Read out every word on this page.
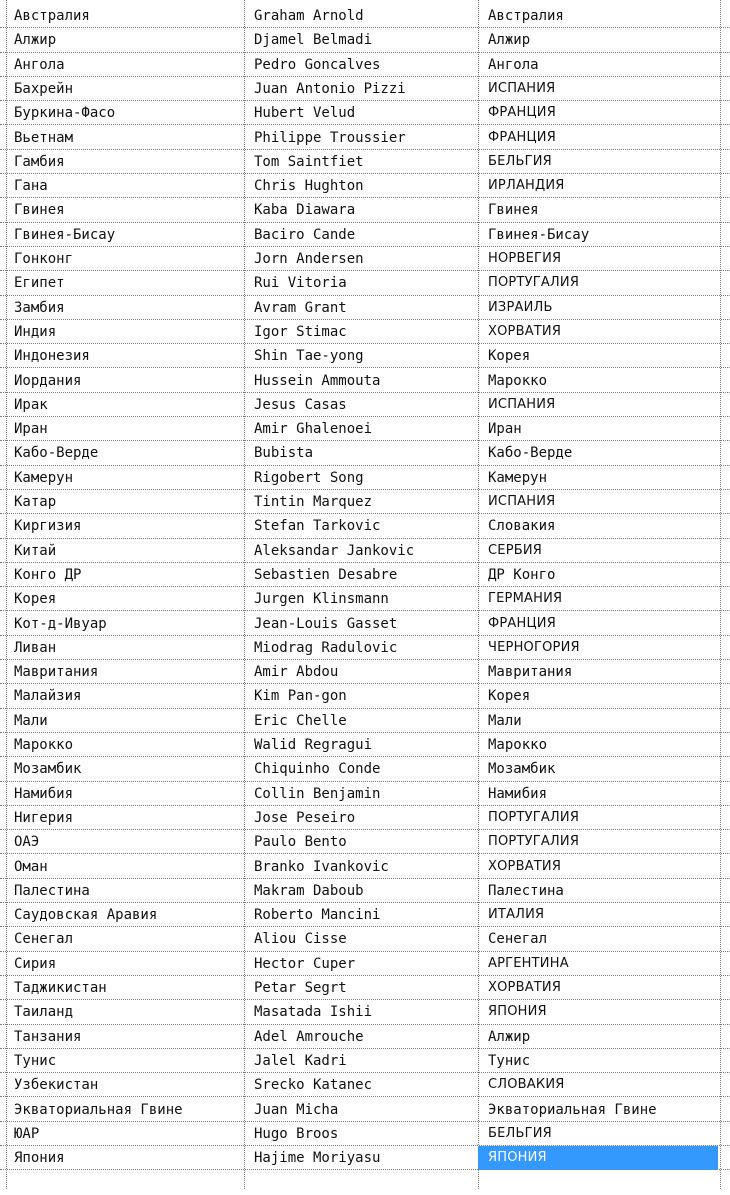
Австралия	Graham Arnold	Австралия
Алжир	Djamel Belmadi	Алжир
Ангола	Pedro Goncalves	Ангола
Бахрейн	Juan Antonio Pizzi	ИСПАНИЯ
Буркина-Фасо	Hubert Velud	ФРАНЦИЯ
Вьетнам	Philippe Troussier	ФРАНЦИЯ
Гамбия	Tom Saintfiet	БЕЛЬГИЯ
Гана	Chris Hughton	ИРЛАНДИЯ
Гвинея	Kaba Diawara	Гвинея
Гвинея-Бисау	Baciro Cande	Гвинея-Бисау
Гонконг	Jorn Andersen	НОРВЕГИЯ
Египет	Rui Vitoria	ПОРТУГАЛИЯ
Замбия	Avram Grant	ИЗРАИЛЬ
Индия	Igor Stimac	ХОРВАТИЯ
Индонезия	Shin Tae-yong	Корея
Иордания	Hussein Ammouta	Марокко
Ирак	Jesus Casas	ИСПАНИЯ
Иран	Amir Ghalenoei	Иран
Кабо-Верде	Bubista	Кабо-Верде
Камерун	Rigobert Song	Камерун
Катар	Tintin Marquez	ИСПАНИЯ
Киргизия	Stefan Tarkovic	Словакия
Китай	Aleksandar Jankovic	СЕРБИЯ
Конго ДР	Sebastien Desabre	ДР Конго
Корея	Jurgen Klinsmann	ГЕРМАНИЯ
Кот-д-Ивуар	Jean-Louis Gasset	ФРАНЦИЯ
Ливан	Miodrag Radulovic	ЧЕРНОГОРИЯ
Мавритания	Amir Abdou	Мавритания
Малайзия	Kim Pan-gon	Корея
Мали	Eric Chelle	Мали
Марокко	Walid Regragui	Марокко
Мозамбик	Chiquinho Conde	Мозамбик
Намибия	Collin Benjamin	Намибия
Нигерия	Jose Peseiro	ПОРТУГАЛИЯ
ОАЭ	Paulo Bento	ПОРТУГАЛИЯ
Оман	Branko Ivankovic	ХОРВАТИЯ
Палестина	Makram Daboub	Палестина
Саудовская Аравия	Roberto Mancini	ИТАЛИЯ
Сенегал	Aliou Cisse	Сенегал
Сирия	Hector Cuper	АРГЕНТИНА
Таджикистан	Petar Segrt	ХОРВАТИЯ
Таиланд	Masatada Ishii	ЯПОНИЯ
Танзания	Adel Amrouche	Алжир
Тунис	Jalel Kadri	Тунис
Узбекистан	Srecko Katanec	СЛОВАКИЯ
Экваториальная Гвине	Juan Micha	Экваториальная Гвине
ЮАР	Hugo Broos	БЕЛЬГИЯ
Япония	Hajime Moriyasu	ЯПОНИЯ
